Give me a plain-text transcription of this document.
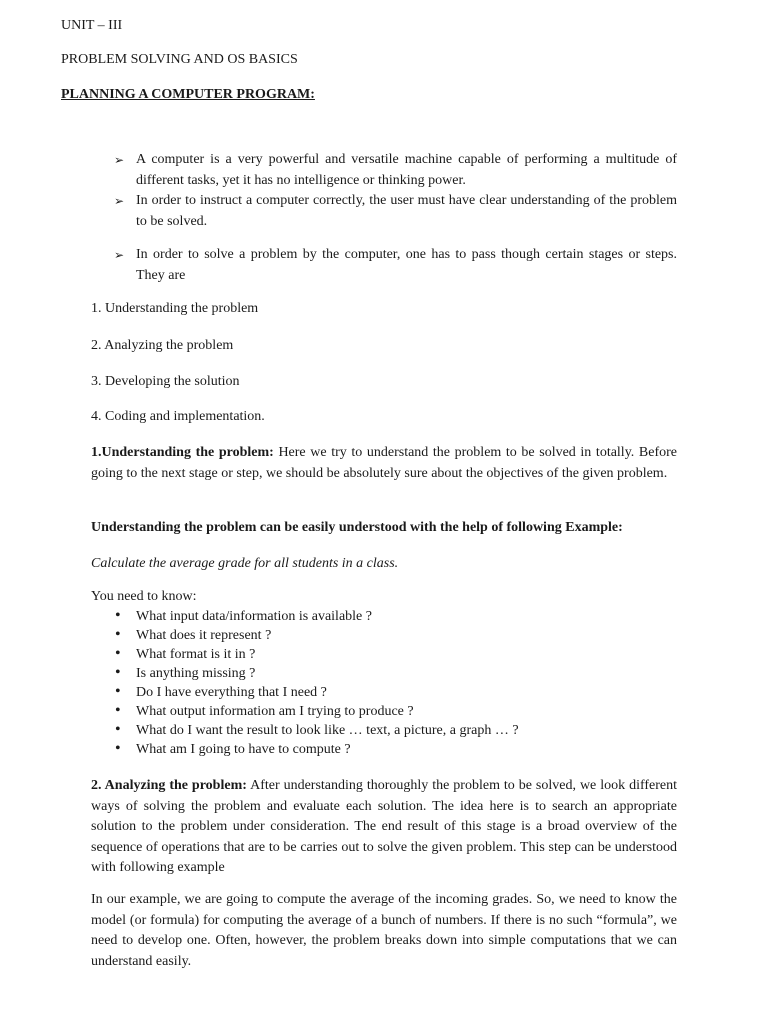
UNIT – III
PROBLEM SOLVING AND OS BASICS
PLANNING A COMPUTER PROGRAM:
➢ A computer is a very powerful and versatile machine capable of performing a multitude of different tasks, yet it has no intelligence or thinking power.
➢ In order to instruct a computer correctly, the user must have clear understanding of the problem to be solved.
➢ In order to solve a problem by the computer, one has to pass though certain stages or steps. They are
1. Understanding the problem
2. Analyzing the problem
3. Developing the solution
4. Coding and implementation.
1.Understanding the problem: Here we try to understand the problem to be solved in totally. Before going to the next stage or step, we should be absolutely sure about the objectives of the given problem.
Understanding the problem can be easily understood with the help of following Example:
Calculate the average grade for all students in a class.
You need to know:
• What input data/information is available ?
• What does it represent ?
• What format is it in ?
• Is anything missing ?
• Do I have everything that I need ?
• What output information am I trying to produce ?
• What do I want the result to look like … text, a picture, a graph … ?
• What am I going to have to compute ?
2. Analyzing the problem: After understanding thoroughly the problem to be solved, we look different ways of solving the problem and evaluate each solution. The idea here is to search an appropriate solution to the problem under consideration. The end result of this stage is a broad overview of the sequence of operations that are to be carries out to solve the given problem. This step can be understood with following example
In our example, we are going to compute the average of the incoming grades. So, we need to know the model (or formula) for computing the average of a bunch of numbers. If there is no such “formula”, we need to develop one. Often, however, the problem breaks down into simple computations that we can understand easily.
